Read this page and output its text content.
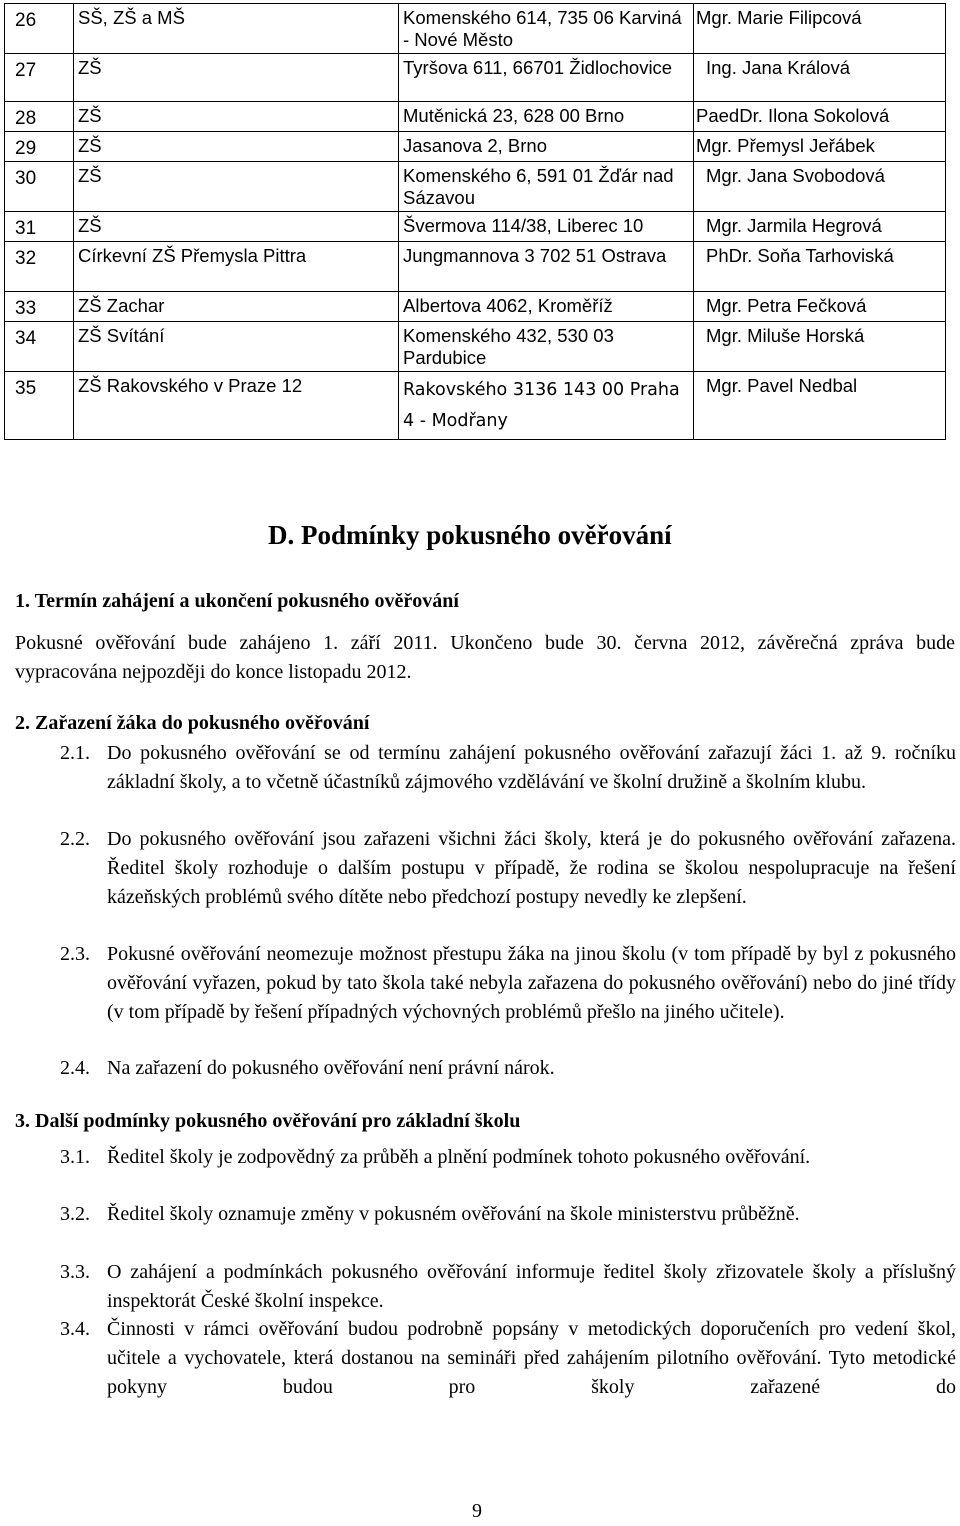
26	SŠ, ZŠ a MŠ	Komenského 614, 735 06 Karviná - Nové Město	Mgr. Marie Filipcová
27	ZŠ	Tyršova 611, 66701 Židlochovice	Ing. Jana Králová
28	ZŠ	Mutěnická 23, 628 00 Brno	PaedDr. Ilona Sokolová
29	ZŠ	Jasanova 2, Brno	Mgr. Přemysl Jeřábek
30	ZŠ	Komenského 6, 591 01 Žďár nad Sázavou	Mgr. Jana Svobodová
31	ZŠ	Švermova 114/38, Liberec 10	Mgr. Jarmila Hegrová
32	Církevní ZŠ Přemysla Pittra	Jungmannova 3 702 51 Ostrava	PhDr. Soňa Tarhoviská
33	ZŠ Zachar	Albertova 4062, Kroměříž	Mgr. Petra Fečková
34	ZŠ Svítání	Komenského 432, 530 03 Pardubice	Mgr. Miluše Horská
35	ZŠ Rakovského v Praze 12	Rakovského 3136 143 00 Praha 4 - Modřany	Mgr. Pavel Nedbal
D. Podmínky pokusného ověřování
1. Termín zahájení a ukončení pokusného ověřování
Pokusné ověřování bude zahájeno 1. září 2011. Ukončeno bude 30. června 2012, závěrečná zpráva bude vypracována nejpozději do konce listopadu 2012.
2. Zařazení žáka do pokusného ověřování
2.1. Do pokusného ověřování se od termínu zahájení pokusného ověřování zařazují žáci 1. až 9. ročníku základní školy, a to včetně účastníků zájmového vzdělávání ve školní družině a školním klubu.
2.2. Do pokusného ověřování jsou zařazeni všichni žáci školy, která je do pokusného ověřování zařazena. Ředitel školy rozhoduje o dalším postupu v případě, že rodina se školou nespolupracuje na řešení kázeňských problémů svého dítěte nebo předchozí postupy nevedly ke zlepšení.
2.3. Pokusné ověřování neomezuje možnost přestupu žáka na jinou školu (v tom případě by byl z pokusného ověřování vyřazen, pokud by tato škola také nebyla zařazena do pokusného ověřování) nebo do jiné třídy (v tom případě by řešení případných výchovných problémů přešlo na jiného učitele).
2.4. Na zařazení do pokusného ověřování není právní nárok.
3. Další podmínky pokusného ověřování pro základní školu
3.1. Ředitel školy je zodpovědný za průběh a plnění podmínek tohoto pokusného ověřování.
3.2. Ředitel školy oznamuje změny v pokusném ověřování na škole ministerstvu průběžně.
3.3. O zahájení a podmínkách pokusného ověřování informuje ředitel školy zřizovatele školy a příslušný inspektorát České školní inspekce.
3.4. Činnosti v rámci ověřování budou podrobně popsány v metodických doporučeních pro vedení škol, učitele a vychovatele, která dostanou na semináři před zahájením pilotního ověřování. Tyto metodické pokyny budou pro školy zařazené do
9
